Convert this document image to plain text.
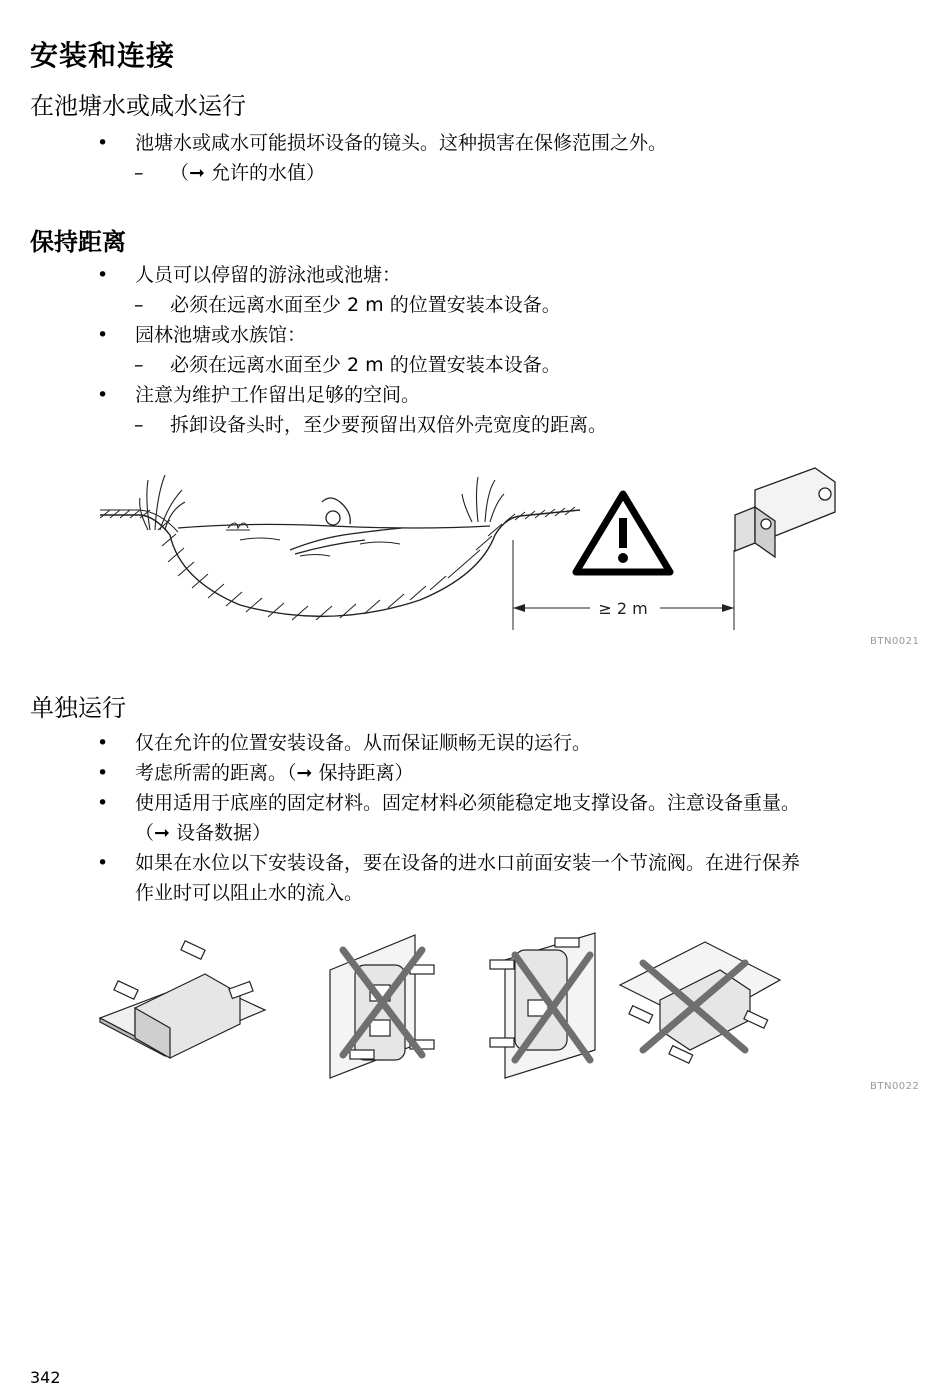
安装和连接
在池塘水或咸水运行
• 池塘水或咸水可能损坏设备的镜头。这种损害在保修范围之外。
– （➞ 允许的水值）
保持距离
• 人员可以停留的游泳池或池塘：
– 必须在远离水面至少 2 m 的位置安装本设备。
• 园林池塘或水族馆：
– 必须在远离水面至少 2 m 的位置安装本设备。
• 注意为维护工作留出足够的空间。
– 拆卸设备头时，至少要预留出双倍外壳宽度的距离。
≥ 2 m
BTN0021
单独运行
• 仅在允许的位置安装设备。从而保证顺畅无误的运行。
• 考虑所需的距离。（➞ 保持距离）
• 使用适用于底座的固定材料。固定材料必须能稳定地支撑设备。注意设备重量。
（➞ 设备数据）
• 如果在水位以下安装设备，要在设备的进水口前面安装一个节流阀。在进行保养
作业时可以阻止水的流入。
BTN0022
342
